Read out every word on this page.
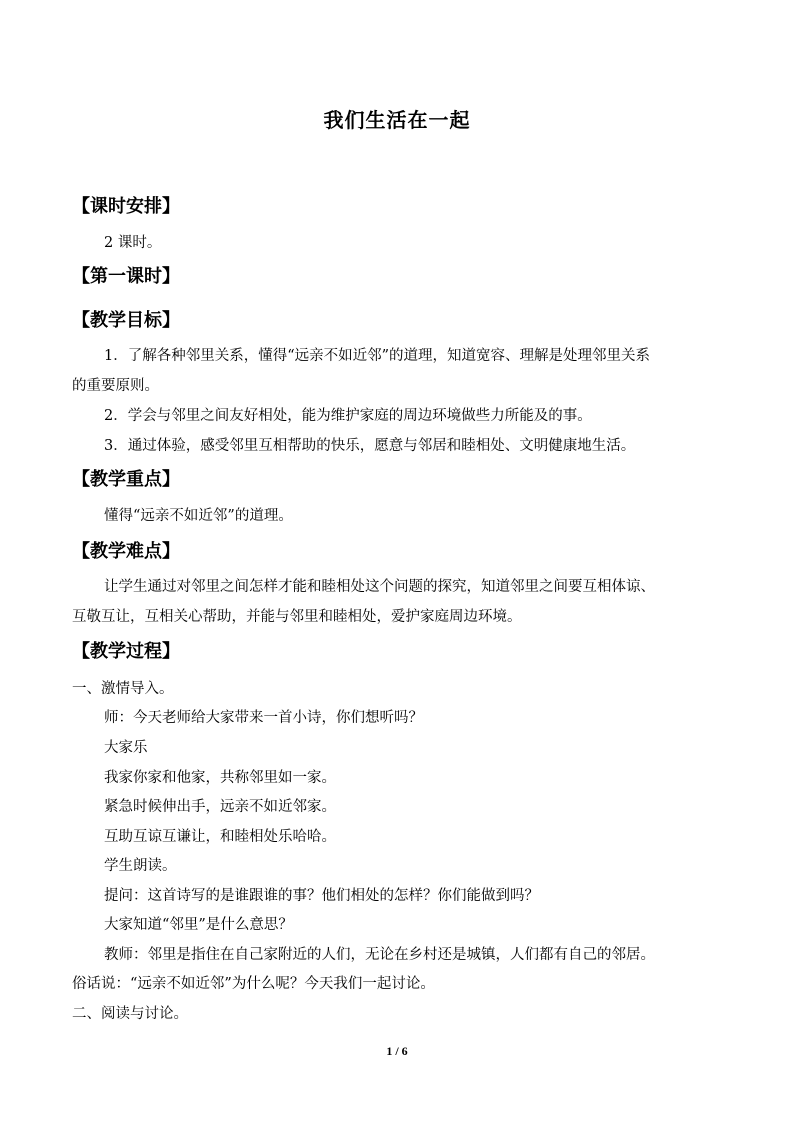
我们生活在一起
【课时安排】
2 课时。
【第一课时】
【教学目标】
1．了解各种邻里关系，懂得“远亲不如近邻”的道理，知道宽容、理解是处理邻里关系
的重要原则。
2．学会与邻里之间友好相处，能为维护家庭的周边环境做些力所能及的事。
3．通过体验，感受邻里互相帮助的快乐，愿意与邻居和睦相处、文明健康地生活。
【教学重点】
懂得“远亲不如近邻”的道理。
【教学难点】
让学生通过对邻里之间怎样才能和睦相处这个问题的探究，知道邻里之间要互相体谅、
互敬互让，互相关心帮助，并能与邻里和睦相处，爱护家庭周边环境。
【教学过程】
一、激情导入。
师：今天老师给大家带来一首小诗，你们想听吗？
大家乐
我家你家和他家，共称邻里如一家。
紧急时候伸出手，远亲不如近邻家。
互助互谅互谦让，和睦相处乐哈哈。
学生朗读。
提问：这首诗写的是谁跟谁的事？他们相处的怎样？你们能做到吗？
大家知道“邻里”是什么意思？
教师：邻里是指住在自己家附近的人们，无论在乡村还是城镇，人们都有自己的邻居。
俗话说：“远亲不如近邻”为什么呢？今天我们一起讨论。
二、阅读与讨论。
1 / 6
